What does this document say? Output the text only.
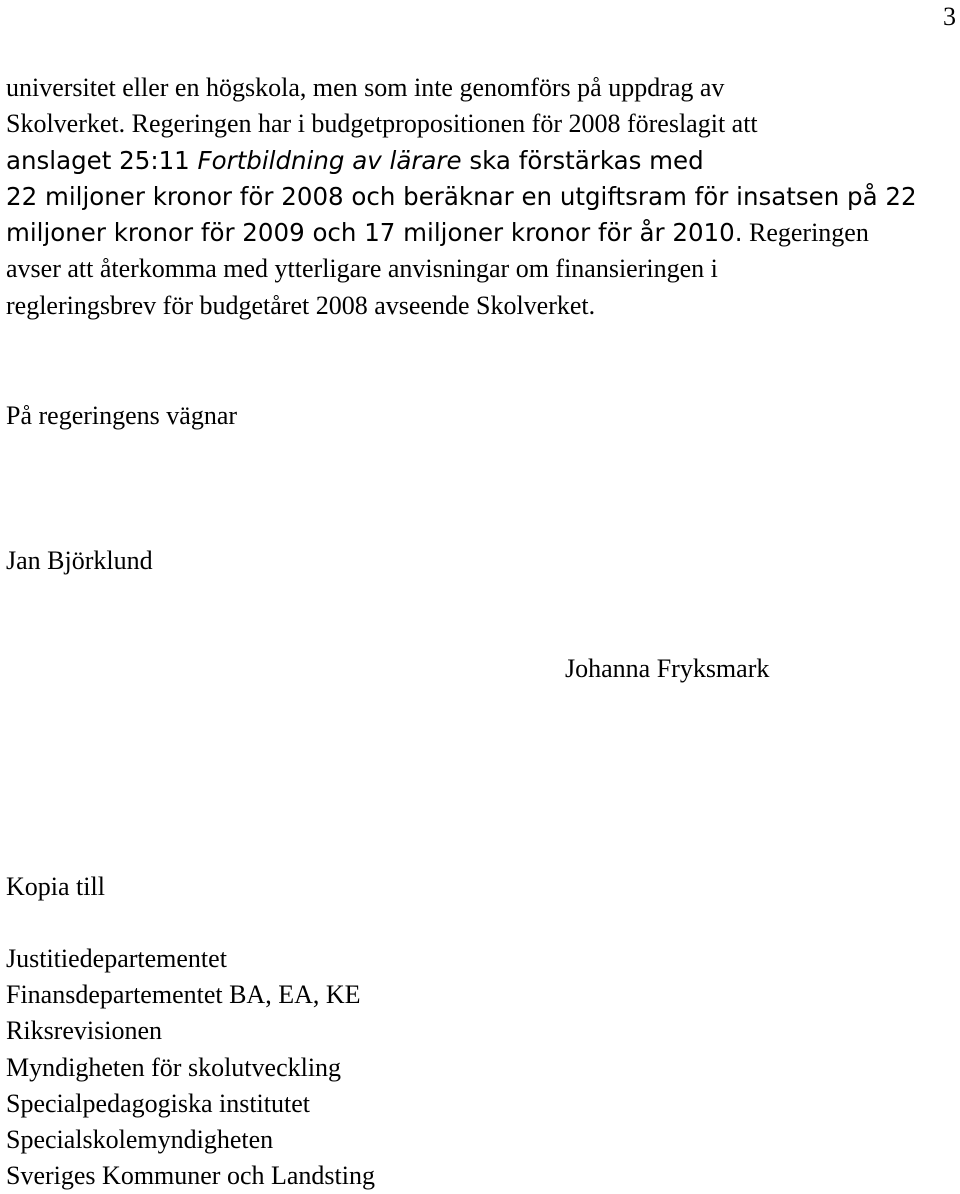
3

universitet eller en högskola, men som inte genomförs på uppdrag av
Skolverket. Regeringen har i budgetpropositionen för 2008 föreslagit att
anslaget 25:11 Fortbildning av lärare ska förstärkas med
22 miljoner kronor för 2008 och beräknar en utgiftsram för insatsen på 22
miljoner kronor för 2009 och 17 miljoner kronor för år 2010. Regeringen
avser att återkomma med ytterligare anvisningar om finansieringen i
regleringsbrev för budgetåret 2008 avseende Skolverket.

På regeringens vägnar

Jan Björklund

Johanna Fryksmark

Kopia till

Justitiedepartementet
Finansdepartementet BA, EA, KE
Riksrevisionen
Myndigheten för skolutveckling
Specialpedagogiska institutet
Specialskolemyndigheten
Sveriges Kommuner och Landsting
